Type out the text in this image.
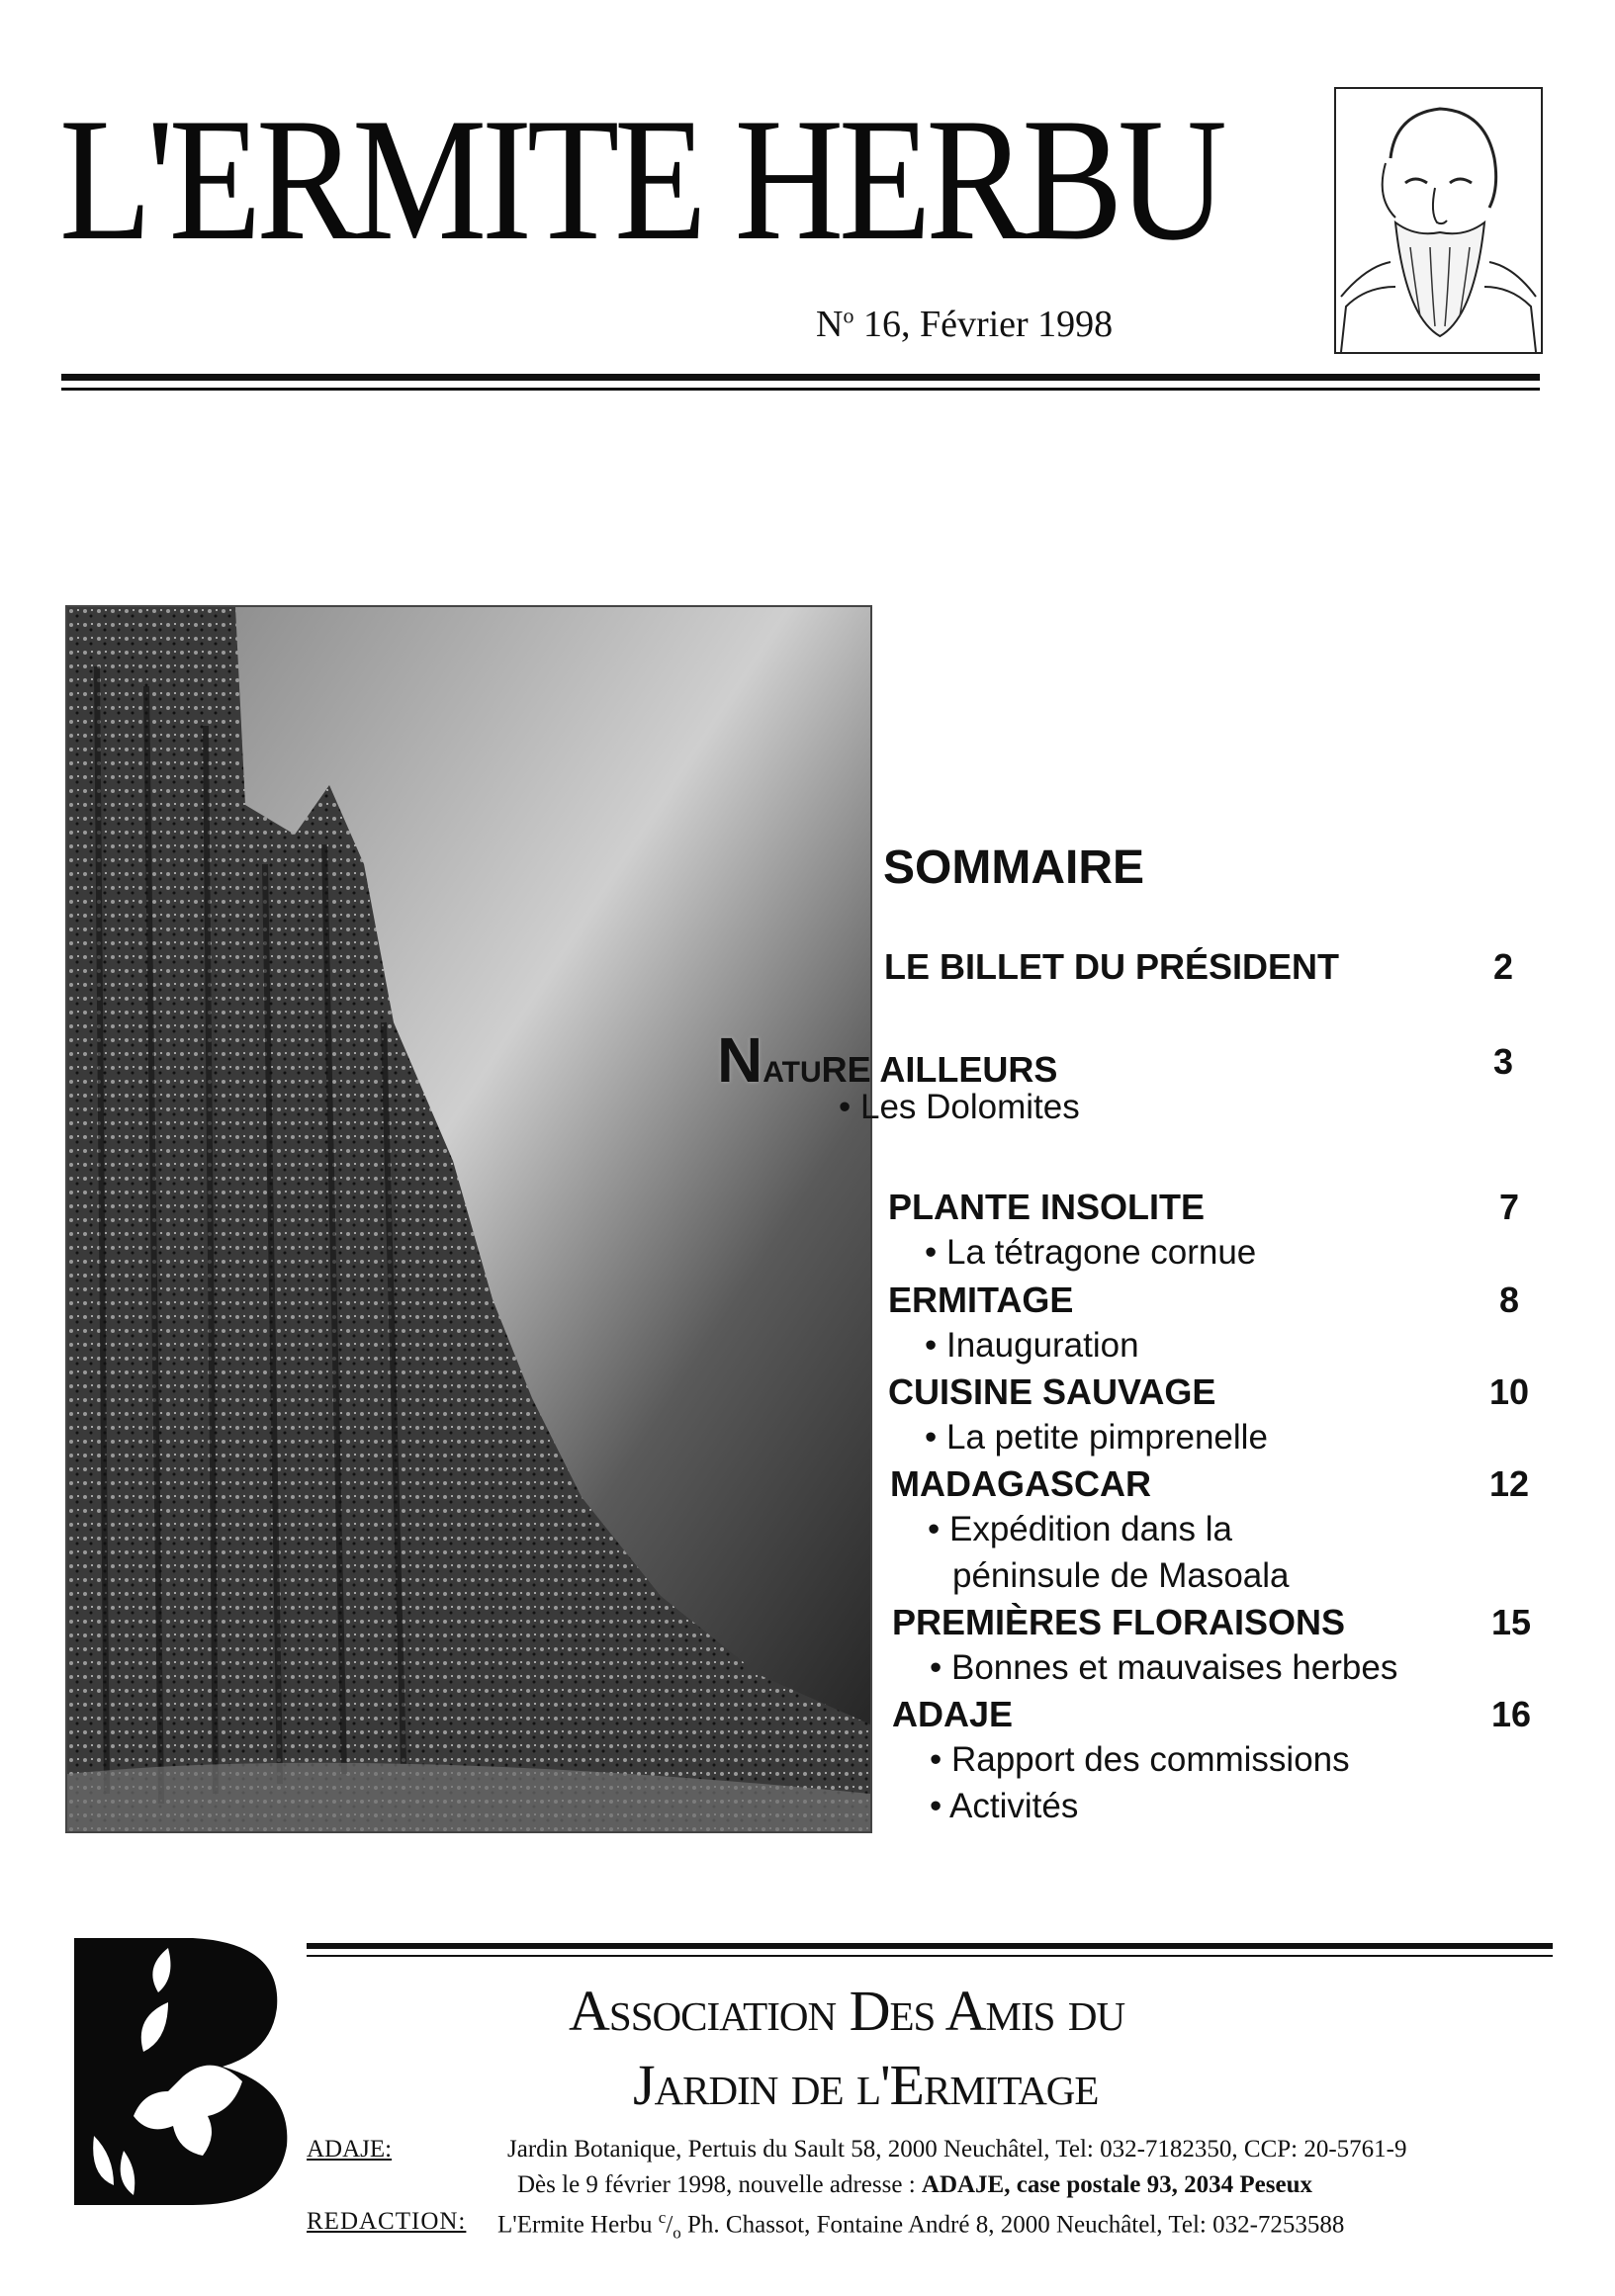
L'ERMITE HERBU
$N^o$ 16, Février 1998
SOMMAIRE
LE BILLET DU PRÉSIDENT	2
NATURE AILLEURS	3
• Les Dolomites
PLANTE INSOLITE	7
• La tétragone cornue
ERMITAGE	8
• Inauguration
CUISINE SAUVAGE	10
• La petite pimprenelle
MADAGASCAR	12
• Expédition dans la
péninsule de Masoala
PREMIÈRES FLORAISONS	15
• Bonnes et mauvaises herbes
ADAJE	16
• Rapport des commissions
• Activités
Association Des Amis du
Jardin de l'Ermitage
ADAJE:	Jardin Botanique, Pertuis du Sault 58, 2000 Neuchâtel, Tel: 032-7182350, CCP: 20-5761-9
Dès le 9 février 1998, nouvelle adresse : ADAJE, case postale 93, 2034 Peseux
REDACTION: L'Ermite Herbu $^c/_o$ Ph. Chassot, Fontaine André 8, 2000 Neuchâtel, Tel: 032-7253588
